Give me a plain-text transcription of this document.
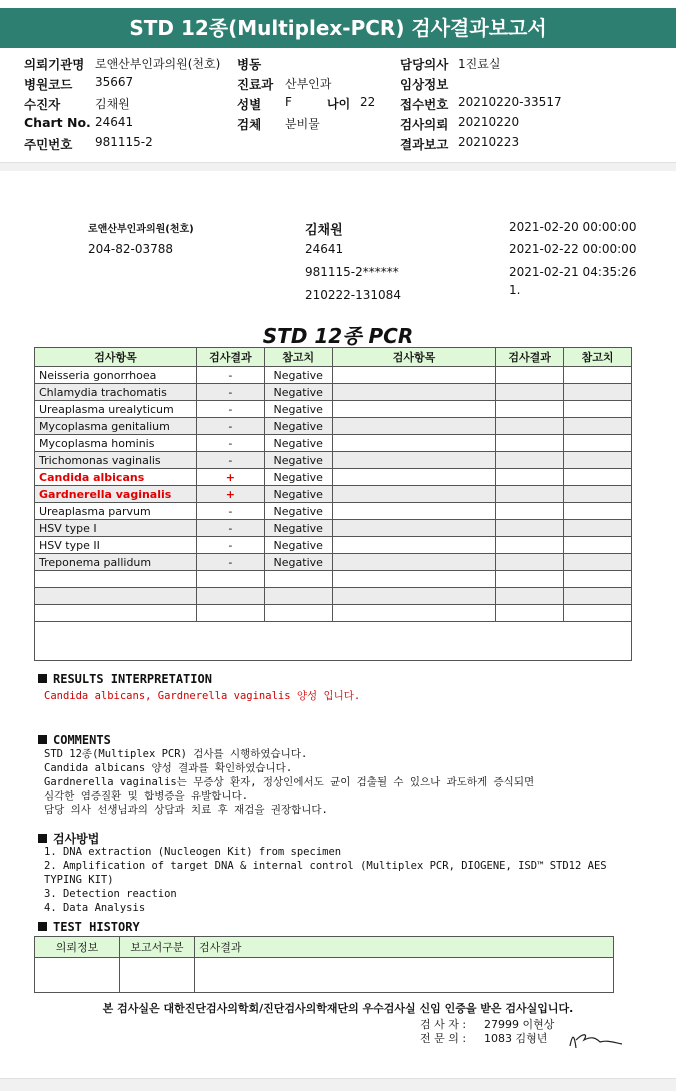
STD 12종(Multiplex-PCR) 검사결과보고서
의뢰기관명 로앤산부인과의원(천호)
병원코드 35667
수진자	김채원
Chart No. 24641
주민번호 981115-2
병동
진료과 산부인과
성별 F
검체 분비물
담당의사 1진료실
임상정보
접수번호 20210220-33517
검사의뢰 20210220
결과보고 20210223
나이 22
로앤산부인과의원(천호)
204-82-03788
김채원
24641
981115-2******
210222-131084
2021-02-20 00:00:00
2021-02-22 00:00:00
2021-02-21 04:35:26
1.
STD 12종 PCR
검사항목	검사결과	참고치	검사항목	검사결과	참고치
Neisseria gonorrhoea	-	Negative			
Chlamydia trachomatis	-	Negative			
Ureaplasma urealyticum	-	Negative			
Mycoplasma genitalium	-	Negative			
Mycoplasma hominis	-	Negative			
Trichomonas vaginalis	-	Negative			
Candida albicans	+	Negative			
Gardnerella vaginalis	+	Negative			
Ureaplasma parvum	-	Negative			
HSV type I	-	Negative			
HSV type II	-	Negative			
Treponema pallidum	-	Negative			

RESULTS INTERPRETATION
Candida albicans, Gardnerella vaginalis 양성 입니다.
COMMENTS
STD 12종(Multiplex PCR) 검사를 시행하였습니다.
Candida albicans 양성 결과를 확인하였습니다.
Gardnerella vaginalis는 무증상 환자, 정상인에서도 균이 검출될 수 있으나 과도하게 증식되면
심각한 염증질환 및 합병증을 유발합니다.
담당 의사 선생님과의 상담과 치료 후 재검을 권장합니다.
검사방법
1. DNA extraction (Nucleogen Kit) from specimen
2. Amplification of target DNA & internal control (Multiplex PCR, DIOGENE, ISD™ STD12 AES
TYPING KIT)
3. Detection reaction
4. Data Analysis
TEST HISTORY
의뢰정보	보고서구분	검사결과

본 검사실은 대한진단검사의학회/진단검사의학재단의 우수검사실 신임 인증을 받은 검사실입니다.
검 사 자 : 27999 이현상
전 문 의 : 1083 김형년
